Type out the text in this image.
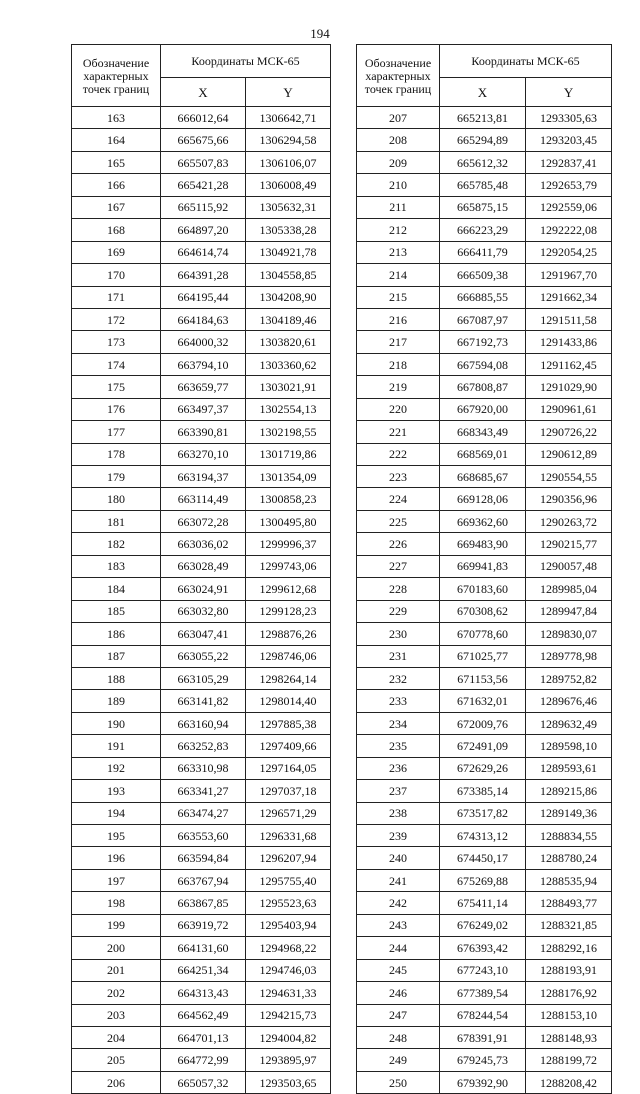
194
Обозначение характерных точек границ	Координаты МСК-65	
	X	Y
163	666012,64	1306642,71
164	665675,66	1306294,58
165	665507,83	1306106,07
166	665421,28	1306008,49
167	665115,92	1305632,31
168	664897,20	1305338,28
169	664614,74	1304921,78
170	664391,28	1304558,85
171	664195,44	1304208,90
172	664184,63	1304189,46
173	664000,32	1303820,61
174	663794,10	1303360,62
175	663659,77	1303021,91
176	663497,37	1302554,13
177	663390,81	1302198,55
178	663270,10	1301719,86
179	663194,37	1301354,09
180	663114,49	1300858,23
181	663072,28	1300495,80
182	663036,02	1299996,37
183	663028,49	1299743,06
184	663024,91	1299612,68
185	663032,80	1299128,23
186	663047,41	1298876,26
187	663055,22	1298746,06
188	663105,29	1298264,14
189	663141,82	1298014,40
190	663160,94	1297885,38
191	663252,83	1297409,66
192	663310,98	1297164,05
193	663341,27	1297037,18
194	663474,27	1296571,29
195	663553,60	1296331,68
196	663594,84	1296207,94
197	663767,94	1295755,40
198	663867,85	1295523,63
199	663919,72	1295403,94
200	664131,60	1294968,22
201	664251,34	1294746,03
202	664313,43	1294631,33
203	664562,49	1294215,73
204	664701,13	1294004,82
205	664772,99	1293895,97
206	665057,32	1293503,65
Обозначение характерных точек границ	Координаты МСК-65	
	X	Y
207	665213,81	1293305,63
208	665294,89	1293203,45
209	665612,32	1292837,41
210	665785,48	1292653,79
211	665875,15	1292559,06
212	666223,29	1292222,08
213	666411,79	1292054,25
214	666509,38	1291967,70
215	666885,55	1291662,34
216	667087,97	1291511,58
217	667192,73	1291433,86
218	667594,08	1291162,45
219	667808,87	1291029,90
220	667920,00	1290961,61
221	668343,49	1290726,22
222	668569,01	1290612,89
223	668685,67	1290554,55
224	669128,06	1290356,96
225	669362,60	1290263,72
226	669483,90	1290215,77
227	669941,83	1290057,48
228	670183,60	1289985,04
229	670308,62	1289947,84
230	670778,60	1289830,07
231	671025,77	1289778,98
232	671153,56	1289752,82
233	671632,01	1289676,46
234	672009,76	1289632,49
235	672491,09	1289598,10
236	672629,26	1289593,61
237	673385,14	1289215,86
238	673517,82	1289149,36
239	674313,12	1288834,55
240	674450,17	1288780,24
241	675269,88	1288535,94
242	675411,14	1288493,77
243	676249,02	1288321,85
244	676393,42	1288292,16
245	677243,10	1288193,91
246	677389,54	1288176,92
247	678244,54	1288153,10
248	678391,91	1288148,93
249	679245,73	1288199,72
250	679392,90	1288208,42
